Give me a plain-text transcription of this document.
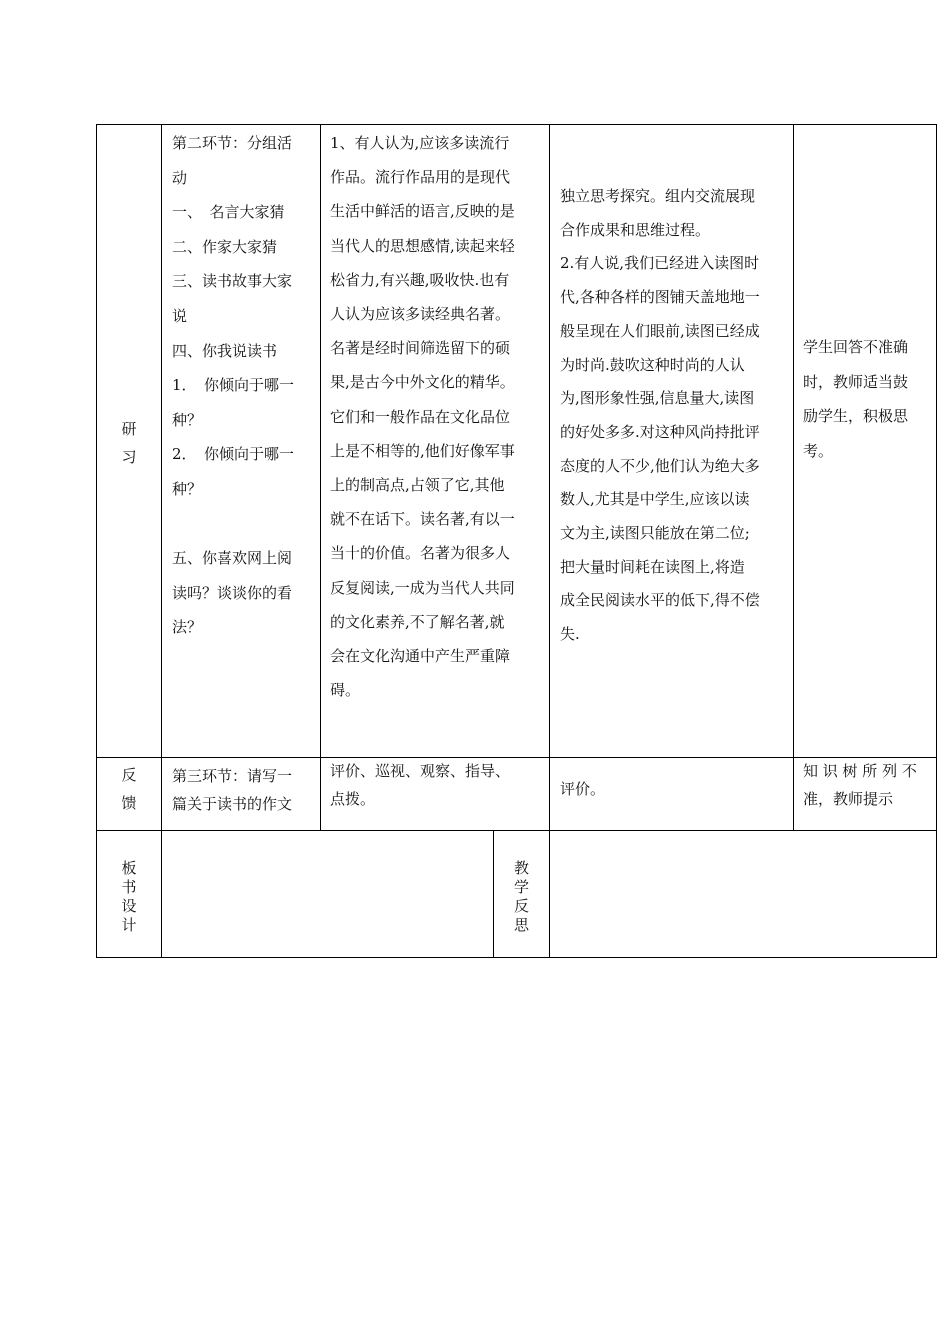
研
习
第二环节：分组活
动
一、　名言大家猜
二、作家大家猜
三、读书故事大家
说
四、你我说读书
1．　你倾向于哪一
种？
2．　你倾向于哪一
种？
五、你喜欢网上阅
读吗？谈谈你的看
法？
1、有人认为,应该多读流行
作品。流行作品用的是现代
生活中鲜活的语言,反映的是
当代人的思想感情,读起来轻
松省力,有兴趣,吸收快.也有
人认为应该多读经典名著。
名著是经时间筛选留下的硕
果,是古今中外文化的精华。
它们和一般作品在文化品位
上是不相等的,他们好像军事
上的制高点,占领了它,其他
就不在话下。读名著,有以一
当十的价值。名著为很多人
反复阅读,一成为当代人共同
的文化素养,不了解名著,就
会在文化沟通中产生严重障
碍。
独立思考探究。组内交流展现
合作成果和思维过程。
2.有人说,我们已经进入读图时
代,各种各样的图铺天盖地地一
般呈现在人们眼前,读图已经成
为时尚.鼓吹这种时尚的人认
为,图形象性强,信息量大,读图
的好处多多.对这种风尚持批评
态度的人不少,他们认为绝大多
数人,尤其是中学生,应该以读
文为主,读图只能放在第二位;
把大量时间耗在读图上,将造
成全民阅读水平的低下,得不偿
失.
学生回答不准确
时，教师适当鼓
励学生，积极思
考。
反
馈
第三环节：请写一
篇关于读书的作文
评价、巡视、观察、指导、
点拨。
评价。
知 识 树 所 列 不
准，教师提示
板
书
设
计
教
学
反
思
